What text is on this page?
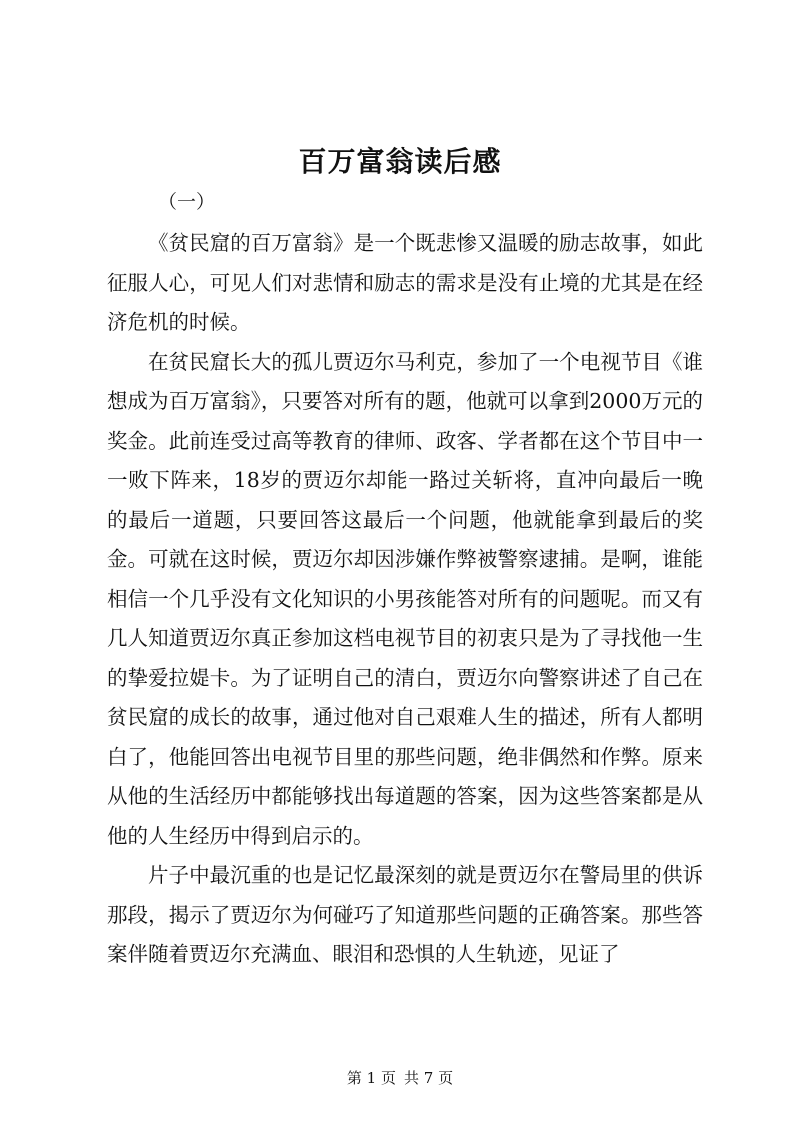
百万富翁读后感
（一）

《贫民窟的百万富翁》是一个既悲惨又温暖的励志故事，如此征服人心，可见人们对悲情和励志的需求是没有止境的尤其是在经济危机的时候。

在贫民窟长大的孤儿贾迈尔马利克，参加了一个电视节目《谁想成为百万富翁》，只要答对所有的题，他就可以拿到2000万元的奖金。此前连受过高等教育的律师、政客、学者都在这个节目中一一败下阵来，18岁的贾迈尔却能一路过关斩将，直冲向最后一晚的最后一道题，只要回答这最后一个问题，他就能拿到最后的奖金。可就在这时候，贾迈尔却因涉嫌作弊被警察逮捕。是啊，谁能相信一个几乎没有文化知识的小男孩能答对所有的问题呢。而又有几人知道贾迈尔真正参加这档电视节目的初衷只是为了寻找他一生的挚爱拉媞卡。为了证明自己的清白，贾迈尔向警察讲述了自己在贫民窟的成长的故事，通过他对自己艰难人生的描述，所有人都明白了，他能回答出电视节目里的那些问题，绝非偶然和作弊。原来从他的生活经历中都能够找出每道题的答案，因为这些答案都是从他的人生经历中得到启示的。

片子中最沉重的也是记忆最深刻的就是贾迈尔在警局里的供诉那段，揭示了贾迈尔为何碰巧了知道那些问题的正确答案。那些答案伴随着贾迈尔充满血、眼泪和恐惧的人生轨迹，见证了

第 1 页 共 7 页
